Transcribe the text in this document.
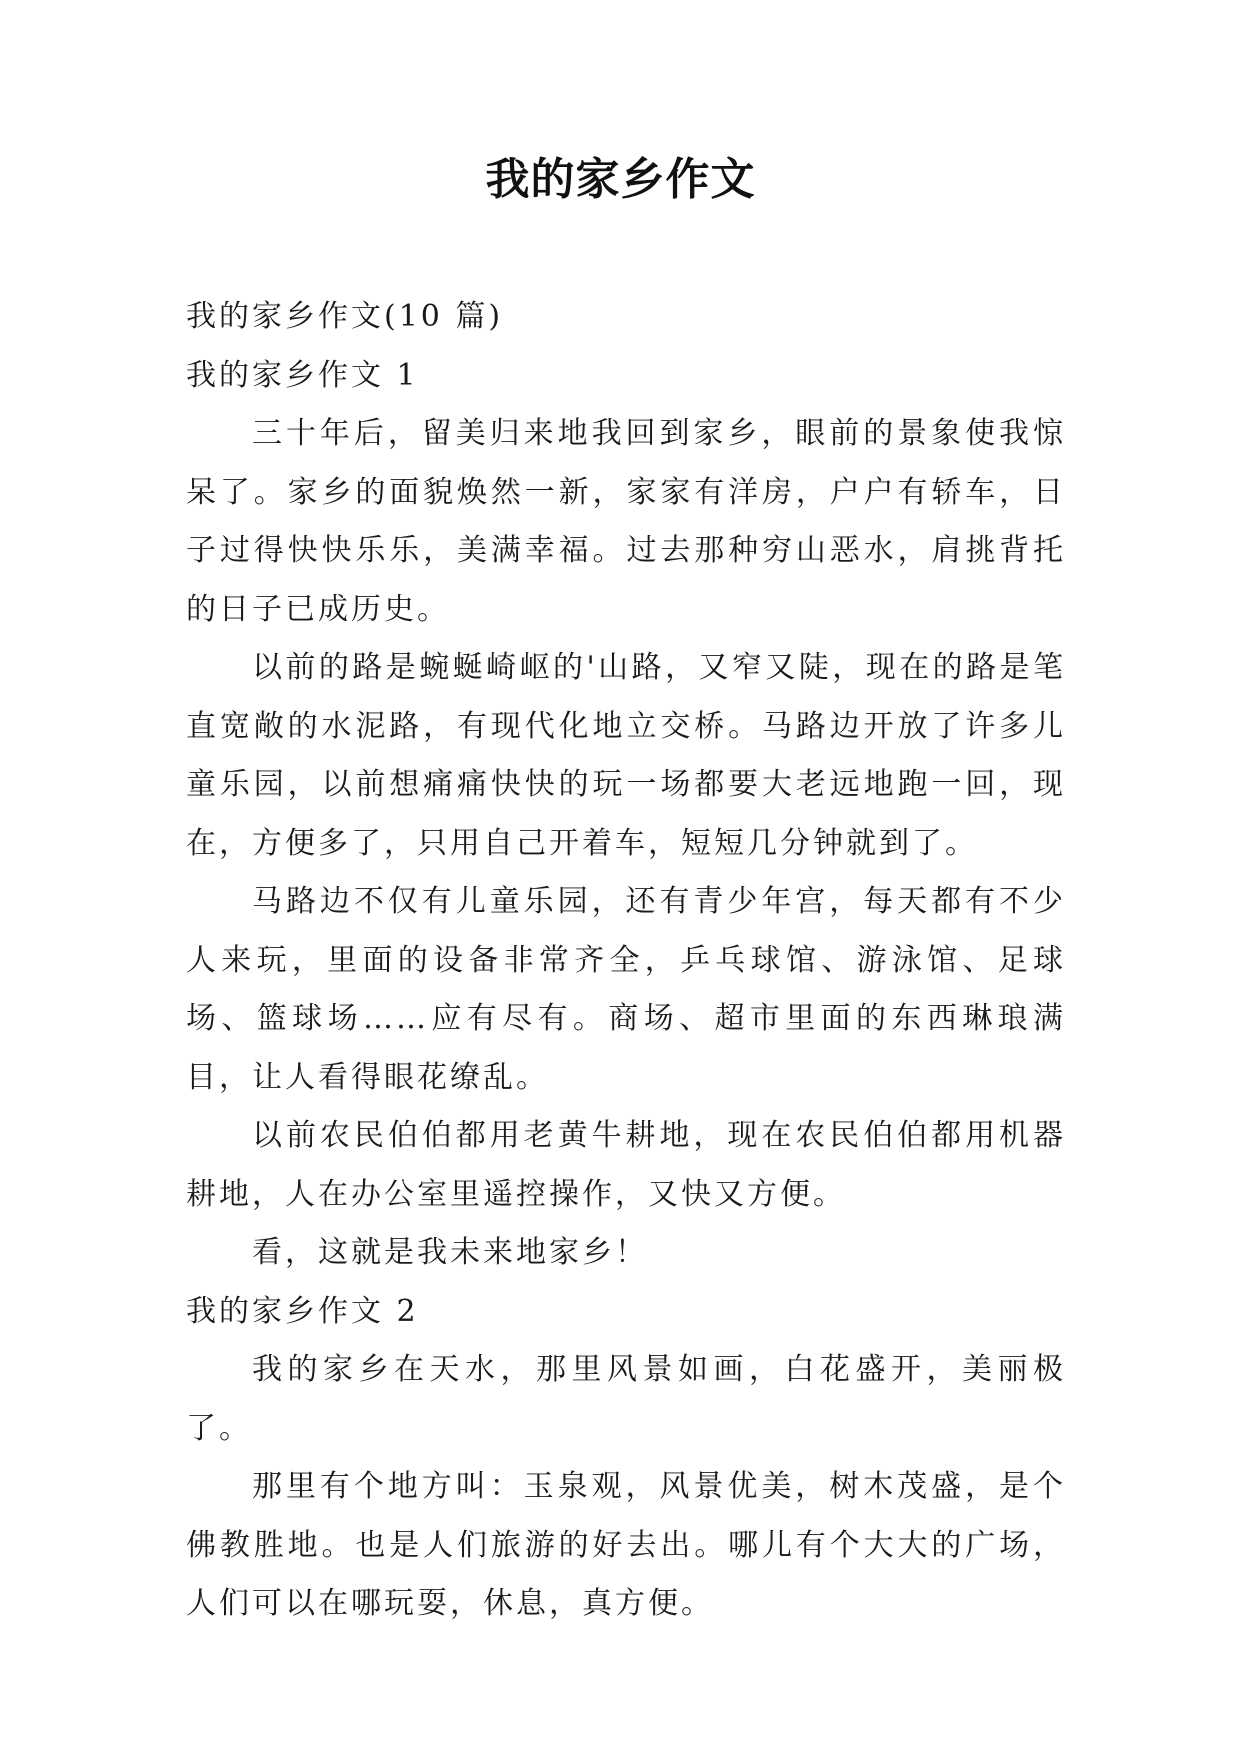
我的家乡作文

我的家乡作文(10 篇)

我的家乡作文 1

三十年后，留美归来地我回到家乡，眼前的景象使我惊呆了。家乡的面貌焕然一新，家家有洋房，户户有轿车，日子过得快快乐乐，美满幸福。过去那种穷山恶水，肩挑背托的日子已成历史。

以前的路是蜿蜒崎岖的'山路，又窄又陡，现在的路是笔直宽敞的水泥路，有现代化地立交桥。马路边开放了许多儿童乐园，以前想痛痛快快的玩一场都要大老远地跑一回，现在，方便多了，只用自己开着车，短短几分钟就到了。

马路边不仅有儿童乐园，还有青少年宫，每天都有不少人来玩，里面的设备非常齐全，乒乓球馆、游泳馆、足球场、篮球场……应有尽有。商场、超市里面的东西琳琅满目，让人看得眼花缭乱。

以前农民伯伯都用老黄牛耕地，现在农民伯伯都用机器耕地，人在办公室里遥控操作，又快又方便。

看，这就是我未来地家乡！

我的家乡作文 2

我的家乡在天水，那里风景如画，白花盛开，美丽极了。

那里有个地方叫：玉泉观，风景优美，树木茂盛，是个佛教胜地。也是人们旅游的好去出。哪儿有个大大的广场，人们可以在哪玩耍，休息，真方便。
